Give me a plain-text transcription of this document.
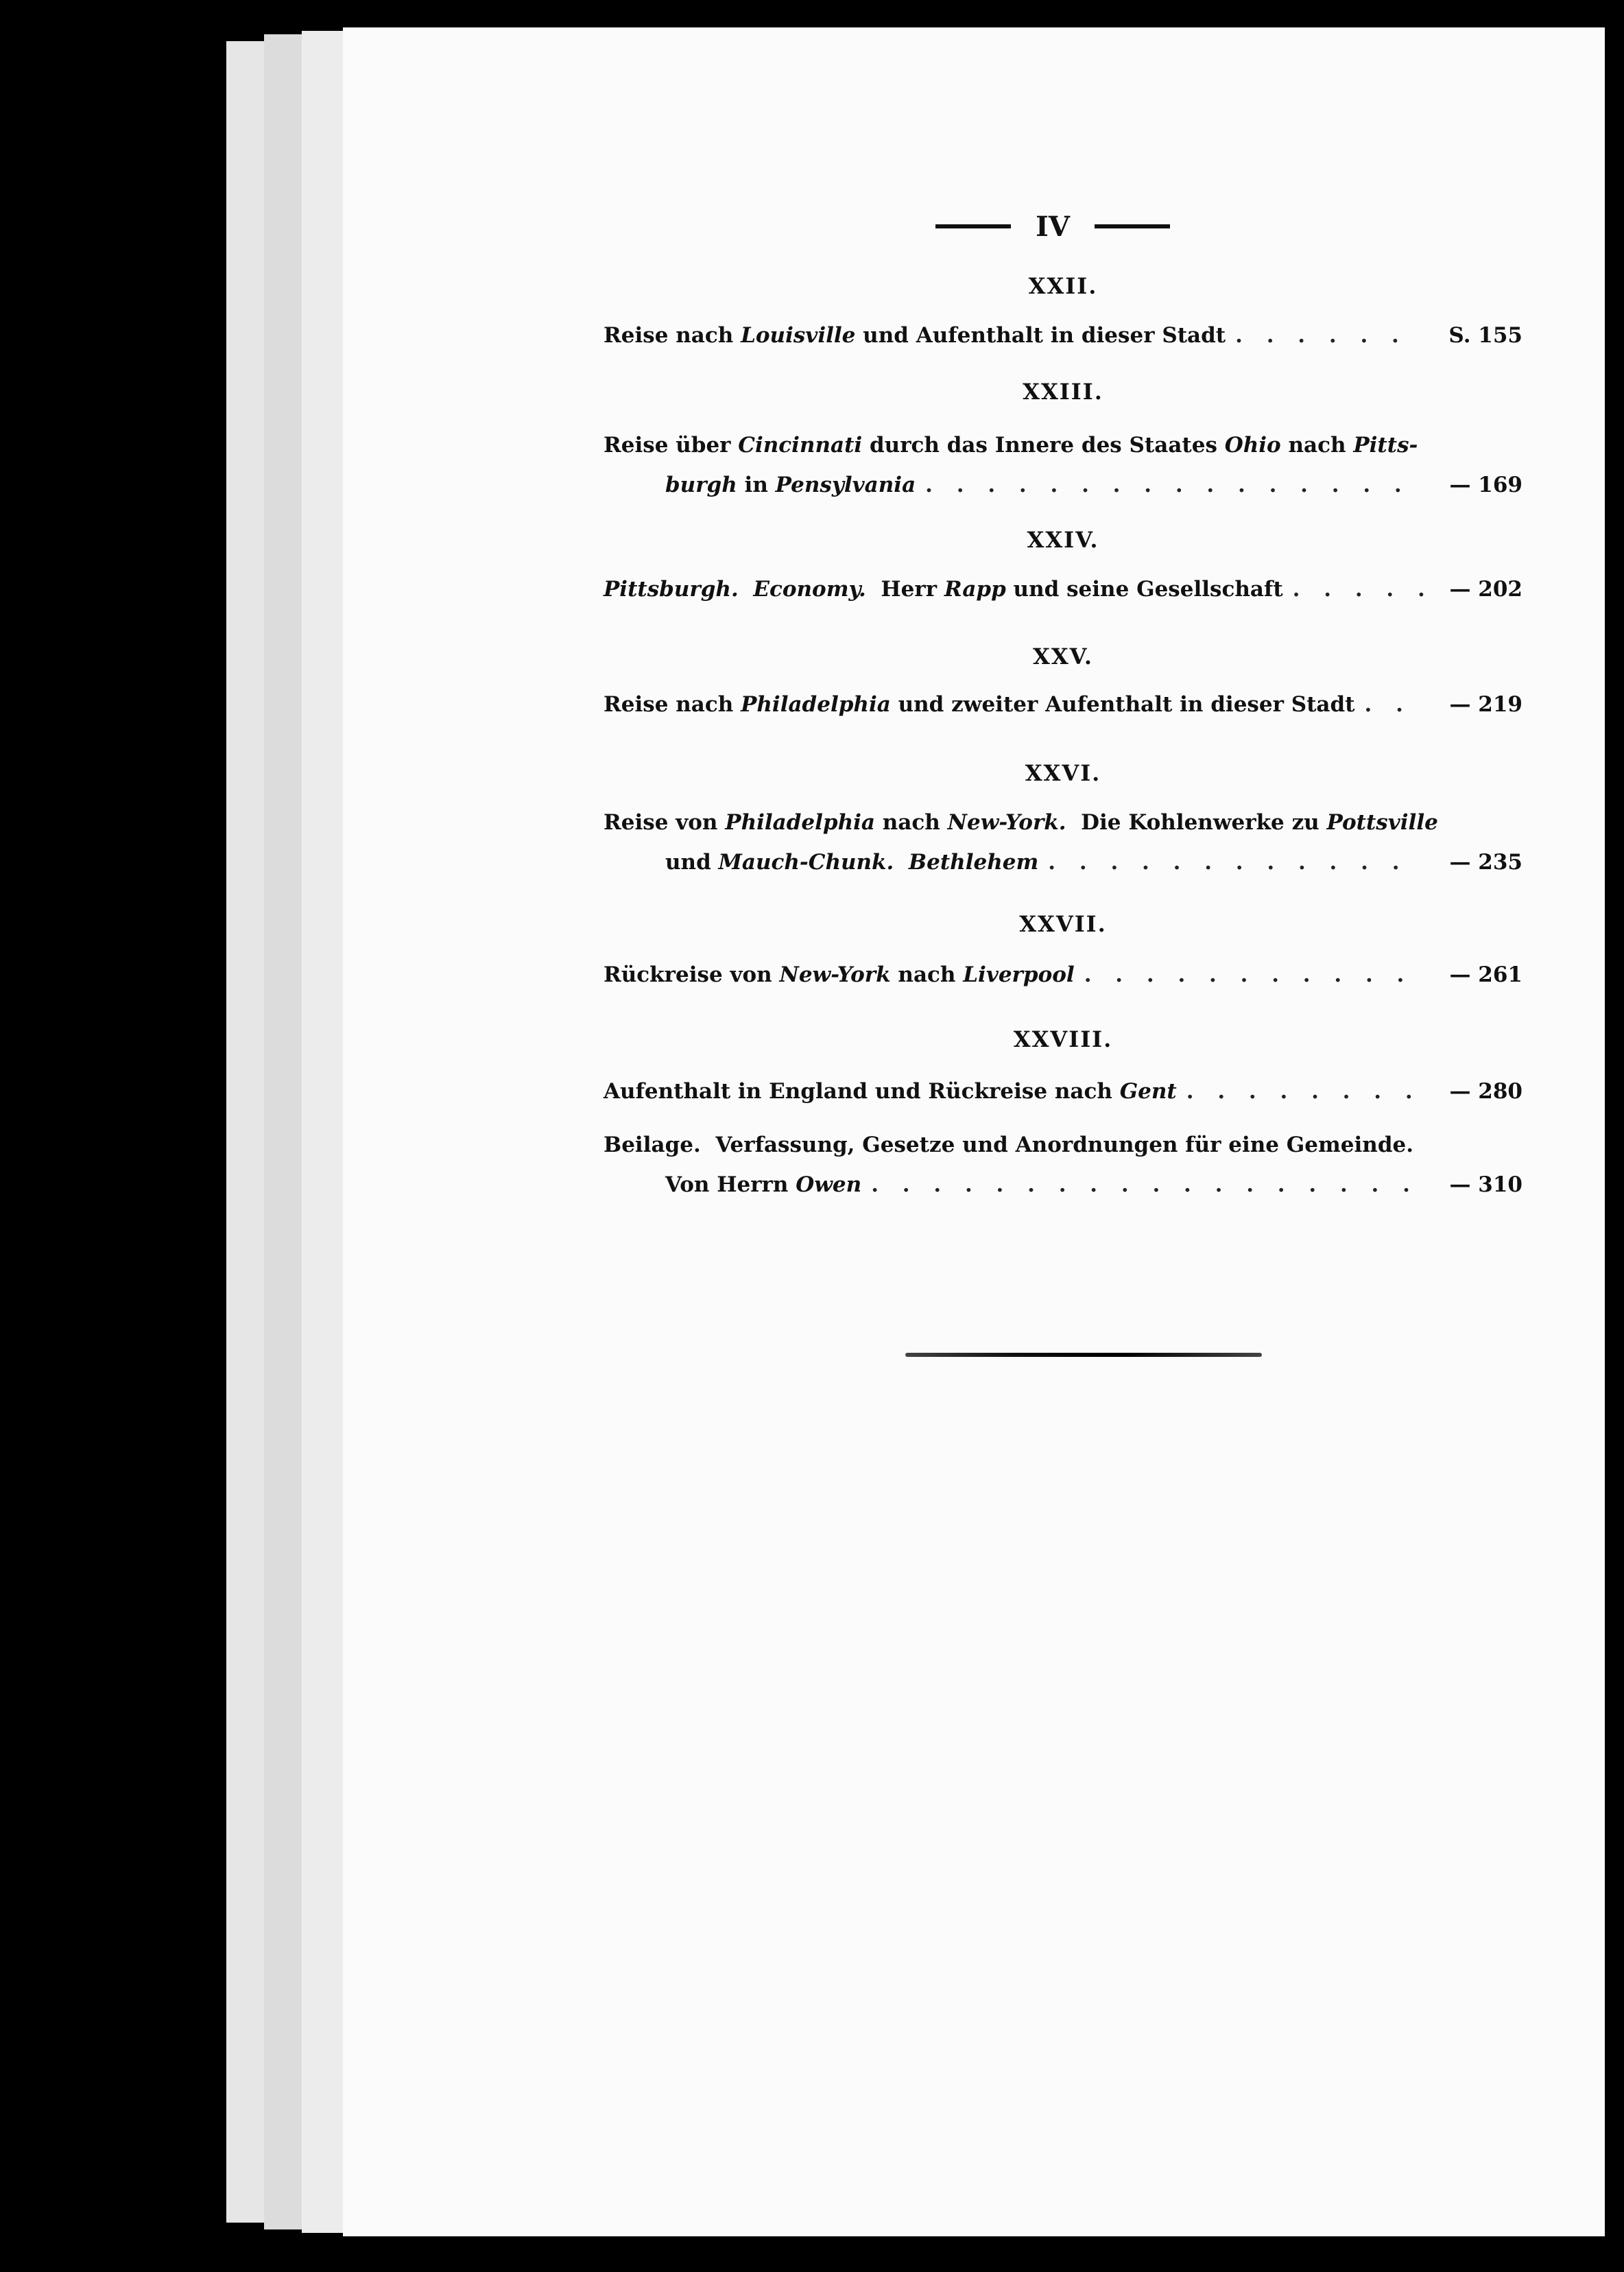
IV
XXII.
Reise nach Louisville und Aufenthalt in dieser Stadt . . .	S. 155
XXIII.
Reise über Cincinnati durch das Innere des Staates Ohio nach Pitts-
burgh in Pensylvania . . .	— 169
XXIV.
Pittsburgh. Economy.  Herr Rapp und seine Gesellschaft . . .	— 202
XXV.
Reise nach Philadelphia und zweiter Aufenthalt in dieser Stadt . . .	— 219
XXVI.
Reise von Philadelphia nach New-York.  Die Kohlenwerke zu Pottsville
und Mauch-Chunk. Bethlehem . . .	— 235
XXVII.
Rückreise von New-York nach Liverpool . . .	— 261
XXVIII.
Aufenthalt in England und Rückreise nach Gent . . .	— 280
Beilage.  Verfassung, Gesetze und Anordnungen für eine Gemeinde.
Von Herrn Owen . . .	— 310
